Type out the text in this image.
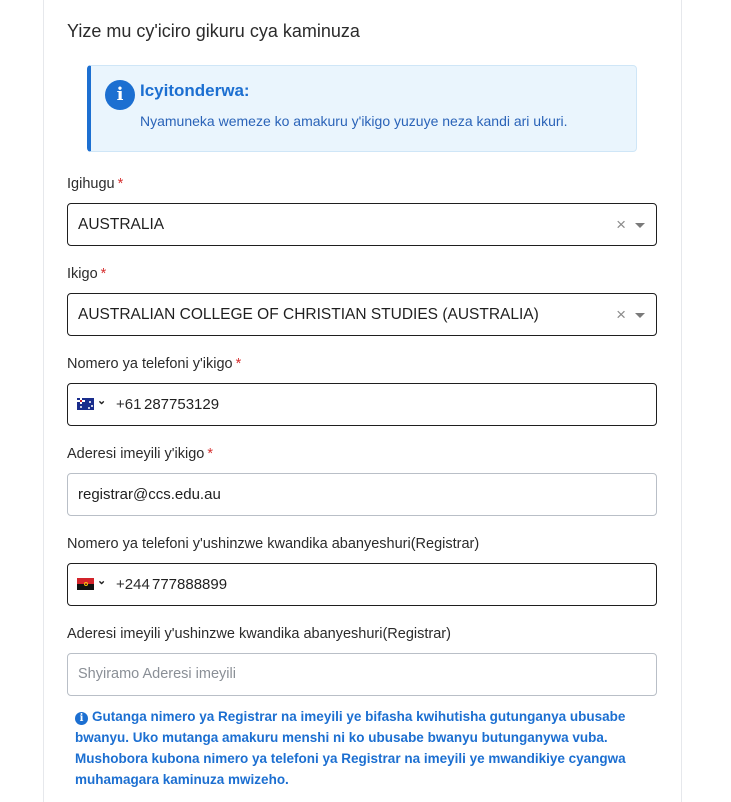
Yize mu cy'iciro gikuru cya kaminuza
i Icyitonderwa:
Nyamuneka wemeze ko amakuru y'ikigo yuzuye neza kandi ari ukuri.
Igihugu *
AUSTRALIA	×
Ikigo *
AUSTRALIAN COLLEGE OF CHRISTIAN STUDIES (AUSTRALIA)	×
Nomero ya telefoni y'ikigo *
⌄ +61 287753129
Aderesi imeyili y'ikigo *
registrar@ccs.edu.au
Nomero ya telefoni y'ushinzwe kwandika abanyeshuri(Registrar)
⌄ +244 777888899
Aderesi imeyili y'ushinzwe kwandika abanyeshuri(Registrar)
Shyiramo Aderesi imeyili
i Gutanga nimero ya Registrar na imeyili ye bifasha kwihutisha gutunganya ubusabe bwanyu. Uko mutanga amakuru menshi ni ko ubusabe bwanyu butunganywa vuba. Mushobora kubona nimero ya telefoni ya Registrar na imeyili ye mwandikiye cyangwa muhamagara kaminuza mwizeho.
